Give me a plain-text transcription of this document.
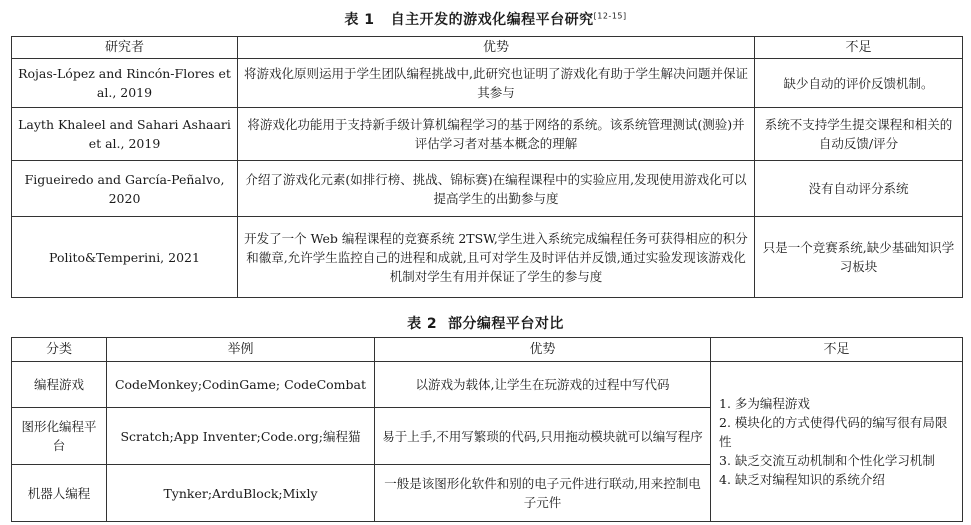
表 1 自主开发的游戏化编程平台研究[12-15]
研究者	优势	不足
Rojas-López and Rincón-Flores et al., 2019	将游戏化原则运用于学生团队编程挑战中,此研究也证明了游戏化有助于学生解决问题并保证其参与	缺少自动的评价反馈机制。
Layth Khaleel and Sahari Ashaari et al., 2019	将游戏化功能用于支持新手级计算机编程学习的基于网络的系统。该系统管理测试(测验)并评估学习者对基本概念的理解	系统不支持学生提交课程和相关的自动反馈/评分
Figueiredo and García-Peñalvo, 2020	介绍了游戏化元素(如排行榜、挑战、锦标赛)在编程课程中的实验应用,发现使用游戏化可以提高学生的出勤参与度	没有自动评分系统
Polito&Temperini, 2021	开发了一个 Web 编程课程的竞赛系统 2TSW,学生进入系统完成编程任务可获得相应的积分和徽章,允许学生监控自己的进程和成就,且可对学生及时评估并反馈,通过实验发现该游戏化机制对学生有用并保证了学生的参与度	只是一个竞赛系统,缺少基础知识学习板块
表 2 部分编程平台对比
分类	举例	优势	不足
编程游戏	CodeMonkey;CodinGame; CodeCombat	以游戏为载体,让学生在玩游戏的过程中写代码	1. 多为编程游戏
2. 模块化的方式使得代码的编写很有局限性
3. 缺乏交流互动机制和个性化学习机制
4. 缺乏对编程知识的系统介绍

图形化编程平台	Scratch;App Inventer;Code.org;编程猫	易于上手,不用写繁琐的代码,只用拖动模块就可以编写程序	
机器人编程	Tynker;ArduBlock;Mixly	一般是该图形化软件和别的电子元件进行联动,用来控制电子元件	
